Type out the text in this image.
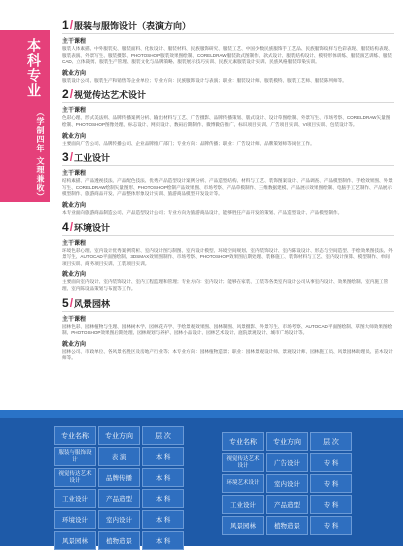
本科专业
（学制四年 文理兼收）
1 / 服装与服饰设计（表演方向）
主干课程
服装人体素描、中外服装史、服装面料、化妆设计、服装材料、民族服饰研究、服装工艺、中国少数民族服饰手工艺品、民族服饰纹样与色彩表现、服装结构表现、服装表演、外景写生、服装摄影、PHOTOSHOP服装效果图绘制、CORELDRAW服装款式图制作、款式设计、服装结构设计、模特形体训练、服装演艺训练、服装CAD、立体裁剪、服装生产管理、服装文化与品牌策略、服装展示技巧实训、民族元素服装设计实训、民族风格服装印染实训。
就业方向
服装设计公司、服装生产和销售等企业单位；专业方向：民族服饰设计与表演；职业：服装设计师、服装模特、服装工艺师、服装陈列师等。
2 / 视觉传达艺术设计
主干课程
色彩心理、形式美法则、品牌传播案例分析、输出材料与工艺、广告摄影、品牌传播策划、版式设计、设计草图绘制、外景写生、市场考察、CORELDRAW矢量图绘制、PHOTOSHOP图像处理、标志设计、网页设计、数码后期制作、微博微信推广、标识项目实训、广告项目实训、VI项目实训、包装设计等。
就业方向
主要面向广告公司、品牌传播公司、企业品牌推广部门；专业方向：品牌传播；职业：广告设计师、品牌策划师等岗位工作。
3 / 工业设计
主干课程
结构素描、产品透视技法、产品配色技法、优秀产品造型设计案例分析、产品造型结构、材料与工艺、装饰图案设计、产品调查、产品模型制作、手绘效果图、外景写生、CORELDRAW绘制矢量图形、PHOTOSHOP绘制产品效果图、市场考察、产品草模制作、三维数据建模、产品展示效果图绘制、电脑手工艺制作、产品展示模型制作、旅游商品开发、产品整体形象设计实训、旅游商品模型开发设计等。
就业方向
本专业面向旅游商品制造公司、产品造型设计公司；专业方向为旅游商品设计，能够胜任产品开发的策划、产品造型设计、产品模型制作。
4 / 环境设计
主干课程
环境色彩心理、室内设计优秀案例赏析、室内设计图与制图、室内设计模型、环境空间规划、室内装饰设计、室内陈设设计、形态与空间造型、手绘效果图技法、外景写生、AUTOCAD平面图绘制、3DSMAX效果图制作、市场考察、PHOTOSHOP效果图后期处理、装修施工、装饰材料与工艺、室内设计预算、模型制作、单间项目实训、商务项目实训、工装项目实训。
就业方向
主要面向室内设计、室内装饰设计、室内工程监理和管理；专业方向：室内设计；能够在家装、工装等各类室内设计公司从事室内设计、效果图绘制、室内施工管理、室内陈设品策划与布置等工作。
5 / 风景园林
主干课程
园林色彩、园林植物与生理、园林树木学、园林花卉学、手绘景观效果图、园林制图、风景摄影、外景写生、市场考察、AUTOCAD平面图绘制、草图大师效果图绘制、PHOTOSHOP效果图后期处理、园林规划与养护、园林小品设计、园林艺术设计、庭院景观设计、城市广场设计等。
就业方向
园林公司、市政单位、各风景名胜区及房地产行业等；本专业方向：园林植物造景；职业：园林景观设计师、景观设计师、园林施工员、风景园林助理员、苗木设计师等。
专业名称	专业方向	层 次
服装与服饰设计	表 演	本 科
视觉传达艺术设计	品牌传播	本 科
工业设计	产品造型	本 科
环境设计	室内设计	本 科
风景园林	植物造景	本 科
专业名称	专业方向	层 次
视觉传达艺术设计	广告设计	专 科
环境艺术设计	室内设计	专 科
工业设计	产品造型	专 科
风景园林	植物造景	专 科
